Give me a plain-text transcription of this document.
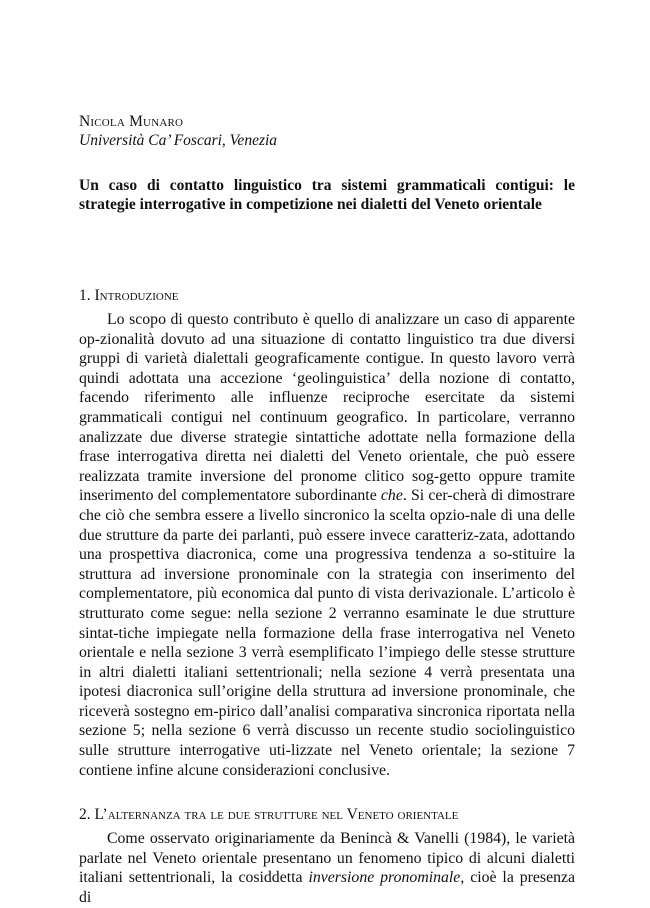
Nicola Munaro
Università Ca’ Foscari, Venezia
Un caso di contatto linguistico tra sistemi grammaticali contigui: le strategie interrogative in competizione nei dialetti del Veneto orientale
1. Introduzione

Lo scopo di questo contributo è quello di analizzare un caso di apparente op-zionalità dovuto ad una situazione di contatto linguistico tra due diversi gruppi di varietà dialettali geograficamente contigue. In questo lavoro verrà quindi adottata una accezione ‘geolinguistica’ della nozione di contatto, facendo riferimento alle influenze reciproche esercitate da sistemi grammaticali contigui nel continuum geografico. In particolare, verranno analizzate due diverse strategie sintattiche adottate nella formazione della frase interrogativa diretta nei dialetti del Veneto orientale, che può essere realizzata tramite inversione del pronome clitico sog-getto oppure tramite inserimento del complementatore subordinante che. Si cer-cherà di dimostrare che ciò che sembra essere a livello sincronico la scelta opzio-nale di una delle due strutture da parte dei parlanti, può essere invece caratteriz-zata, adottando una prospettiva diacronica, come una progressiva tendenza a so-stituire la struttura ad inversione pronominale con la strategia con inserimento del complementatore, più economica dal punto di vista derivazionale. L’articolo è strutturato come segue: nella sezione 2 verranno esaminate le due strutture sintat-tiche impiegate nella formazione della frase interrogativa nel Veneto orientale e nella sezione 3 verrà esemplificato l’impiego delle stesse strutture in altri dialetti italiani settentrionali; nella sezione 4 verrà presentata una ipotesi diacronica sull’origine della struttura ad inversione pronominale, che riceverà sostegno em-pirico dall’analisi comparativa sincronica riportata nella sezione 5; nella sezione 6 verrà discusso un recente studio sociolinguistico sulle strutture interrogative uti-lizzate nel Veneto orientale; la sezione 7 contiene infine alcune considerazioni conclusive.

2. L’alternanza tra le due strutture nel Veneto orientale

Come osservato originariamente da Benincà & Vanelli (1984), le varietà parlate nel Veneto orientale presentano un fenomeno tipico di alcuni dialetti italiani settentrionali, la cosiddetta inversione pronominale, cioè la presenza di
